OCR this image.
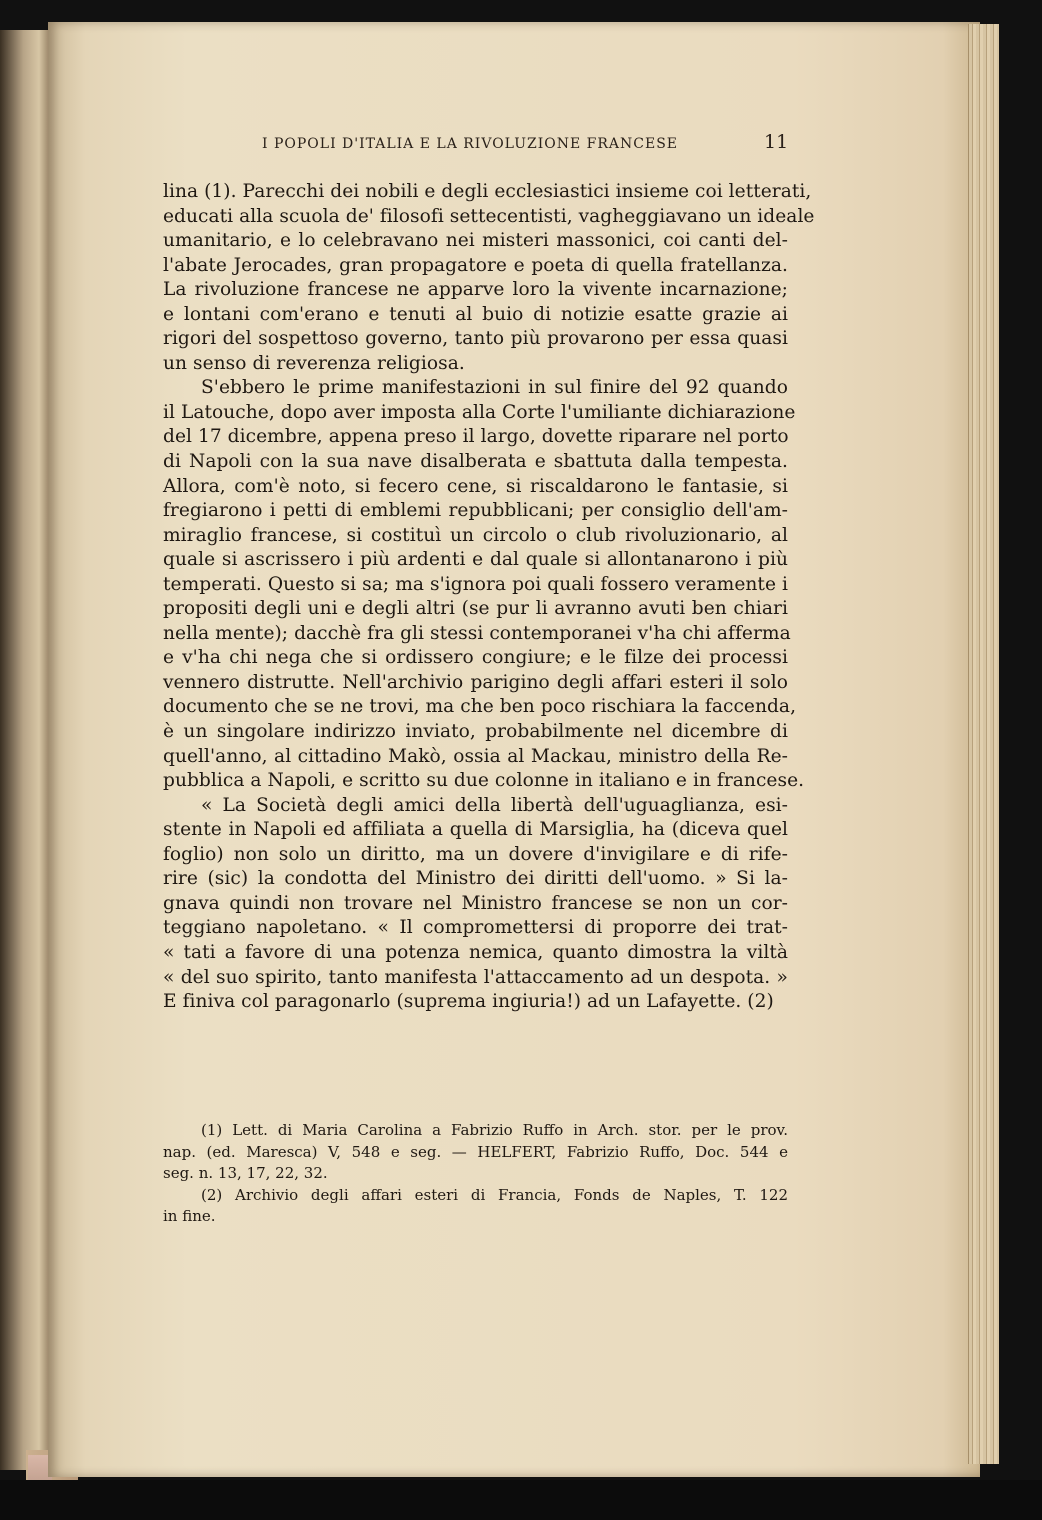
I POPOLI D'ITALIA E LA RIVOLUZIONE FRANCESE	11
lina (1). Parecchi dei nobili e degli ecclesiastici insieme coi letterati,
educati alla scuola de' filosofi settecentisti, vagheggiavano un ideale
umanitario, e lo celebravano nei misteri massonici, coi canti del-
l'abate Jerocades, gran propagatore e poeta di quella fratellanza.
La rivoluzione francese ne apparve loro la vivente incarnazione;
e lontani com'erano e tenuti al buio di notizie esatte grazie ai
rigori del sospettoso governo, tanto più provarono per essa quasi
un senso di reverenza religiosa.
S'ebbero le prime manifestazioni in sul finire del 92 quando
il Latouche, dopo aver imposta alla Corte l'umiliante dichiarazione
del 17 dicembre, appena preso il largo, dovette riparare nel porto
di Napoli con la sua nave disalberata e sbattuta dalla tempesta.
Allora, com'è noto, si fecero cene, si riscaldarono le fantasie, si
fregiarono i petti di emblemi repubblicani; per consiglio dell'am-
miraglio francese, si costituì un circolo o club rivoluzionario, al
quale si ascrissero i più ardenti e dal quale si allontanarono i più
temperati. Questo si sa; ma s'ignora poi quali fossero veramente i
propositi degli uni e degli altri (se pur li avranno avuti ben chiari
nella mente); dacchè fra gli stessi contemporanei v'ha chi afferma
e v'ha chi nega che si ordissero congiure; e le filze dei processi
vennero distrutte. Nell'archivio parigino degli affari esteri il solo
documento che se ne trovi, ma che ben poco rischiara la faccenda,
è un singolare indirizzo inviato, probabilmente nel dicembre di
quell'anno, al cittadino Makò, ossia al Mackau, ministro della Re-
pubblica a Napoli, e scritto su due colonne in italiano e in francese.
« La Società degli amici della libertà dell'uguaglianza, esi-
stente in Napoli ed affiliata a quella di Marsiglia, ha (diceva quel
foglio) non solo un diritto, ma un dovere d'invigilare e di rife-
rire (sic) la condotta del Ministro dei diritti dell'uomo. » Si la-
gnava quindi non trovare nel Ministro francese se non un cor-
teggiano napoletano. « Il compromettersi di proporre dei trat-
« tati a favore di una potenza nemica, quanto dimostra la viltà
« del suo spirito, tanto manifesta l'attaccamento ad un despota. »
E finiva col paragonarlo (suprema ingiuria!) ad un Lafayette. (2)
(1) Lett. di Maria Carolina a Fabrizio Ruffo in Arch. stor. per le prov.
nap. (ed. Maresca) V, 548 e seg. — HELFERT, Fabrizio Ruffo, Doc. 544 e
seg. n. 13, 17, 22, 32.
(2) Archivio degli affari esteri di Francia, Fonds de Naples, T. 122
in fine.
